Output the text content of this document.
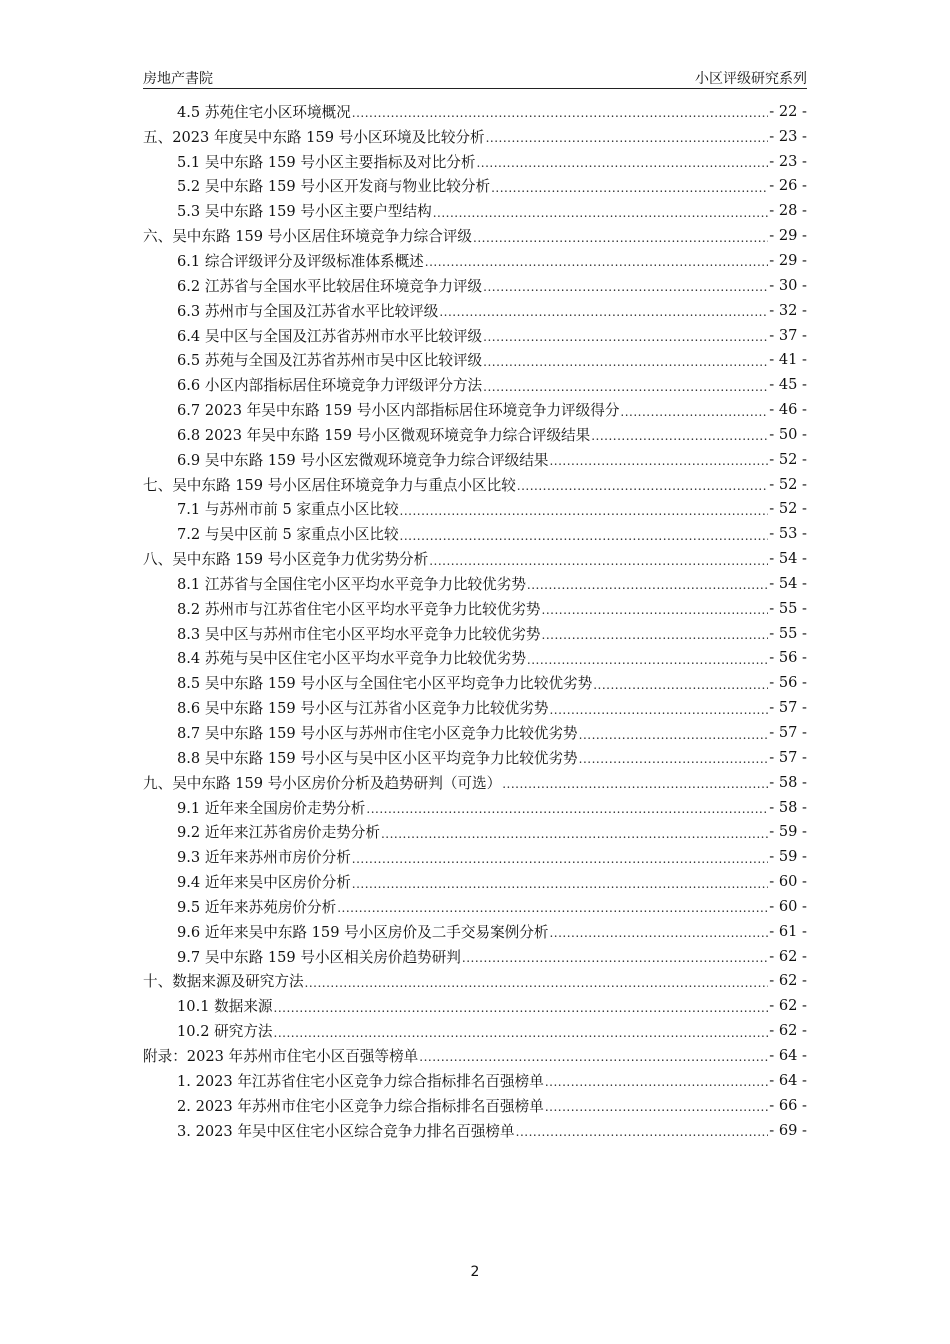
房地产書院	小区评级研究系列
4.5 苏苑住宅小区环境概况 .....	- 22 -
五、2023 年度吴中东路 159 号小区环境及比较分析 .....	- 23 -
5.1 吴中东路 159 号小区主要指标及对比分析 .....	- 23 -
5.2 吴中东路 159 号小区开发商与物业比较分析 .....	- 26 -
5.3 吴中东路 159 号小区主要户型结构 .....	- 28 -
六、吴中东路 159 号小区居住环境竞争力综合评级 .....	- 29 -
6.1 综合评级评分及评级标准体系概述 .....	- 29 -
6.2 江苏省与全国水平比较居住环境竞争力评级 .....	- 30 -
6.3 苏州市与全国及江苏省水平比较评级 .....	- 32 -
6.4 吴中区与全国及江苏省苏州市水平比较评级 .....	- 37 -
6.5 苏苑与全国及江苏省苏州市吴中区比较评级 .....	- 41 -
6.6 小区内部指标居住环境竞争力评级评分方法 .....	- 45 -
6.7 2023 年吴中东路 159 号小区内部指标居住环境竞争力评级得分 .....	- 46 -
6.8 2023 年吴中东路 159 号小区微观环境竞争力综合评级结果 .....	- 50 -
6.9 吴中东路 159 号小区宏微观环境竞争力综合评级结果 .....	- 52 -
七、吴中东路 159 号小区居住环境竞争力与重点小区比较 .....	- 52 -
7.1 与苏州市前 5 家重点小区比较 .....	- 52 -
7.2 与吴中区前 5 家重点小区比较 .....	- 53 -
八、吴中东路 159 号小区竞争力优劣势分析 .....	- 54 -
8.1 江苏省与全国住宅小区平均水平竞争力比较优劣势 .....	- 54 -
8.2 苏州市与江苏省住宅小区平均水平竞争力比较优劣势 .....	- 55 -
8.3 吴中区与苏州市住宅小区平均水平竞争力比较优劣势 .....	- 55 -
8.4 苏苑与吴中区住宅小区平均水平竞争力比较优劣势 .....	- 56 -
8.5 吴中东路 159 号小区与全国住宅小区平均竞争力比较优劣势 .....	- 56 -
8.6 吴中东路 159 号小区与江苏省小区竞争力比较优劣势 .....	- 57 -
8.7 吴中东路 159 号小区与苏州市住宅小区竞争力比较优劣势 .....	- 57 -
8.8 吴中东路 159 号小区与吴中区小区平均竞争力比较优劣势 .....	- 57 -
九、吴中东路 159 号小区房价分析及趋势研判（可选） .....	- 58 -
9.1 近年来全国房价走势分析 .....	- 58 -
9.2 近年来江苏省房价走势分析 .....	- 59 -
9.3 近年来苏州市房价分析 .....	- 59 -
9.4 近年来吴中区房价分析 .....	- 60 -
9.5 近年来苏苑房价分析 .....	- 60 -
9.6 近年来吴中东路 159 号小区房价及二手交易案例分析 .....	- 61 -
9.7 吴中东路 159 号小区相关房价趋势研判 .....	- 62 -
十、数据来源及研究方法 .....	- 62 -
10.1 数据来源 .....	- 62 -
10.2 研究方法 .....	- 62 -
附录：2023 年苏州市住宅小区百强等榜单 .....	- 64 -
1. 2023 年江苏省住宅小区竞争力综合指标排名百强榜单 .....	- 64 -
2. 2023 年苏州市住宅小区竞争力综合指标排名百强榜单 .....	- 66 -
3. 2023 年吴中区住宅小区综合竞争力排名百强榜单 .....	- 69 -
2
